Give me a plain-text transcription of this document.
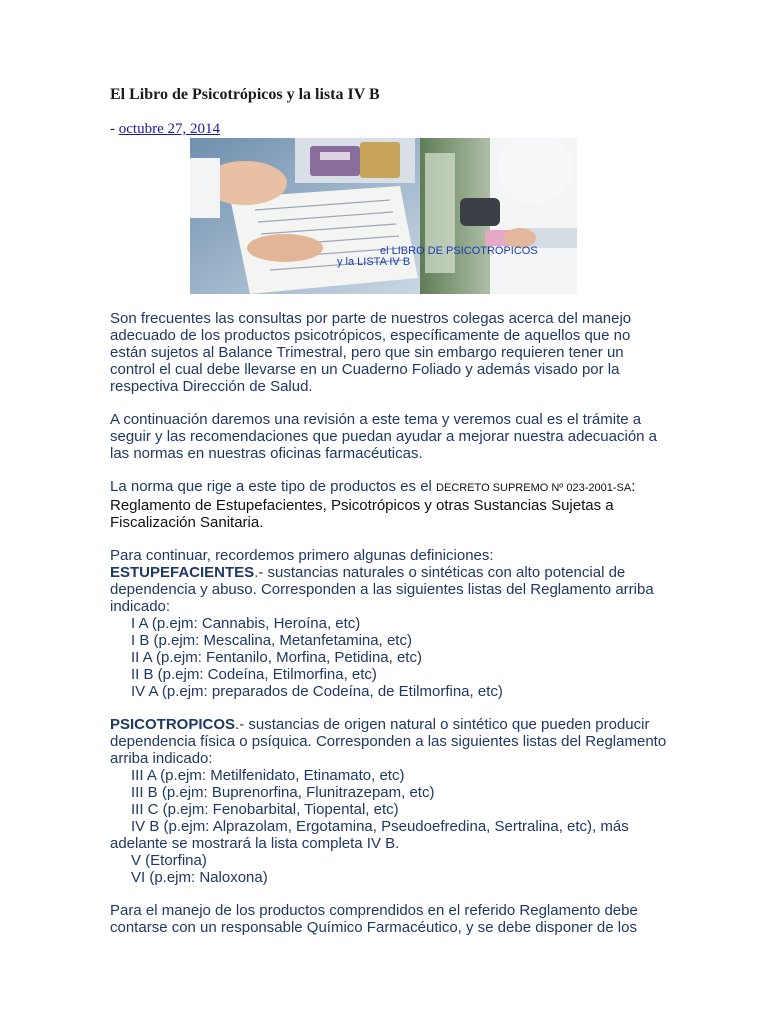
El Libro de Psicotrópicos y la lista IV B
- octubre 27, 2014
el LIBRO DE PSICOTROPICOS
y la LISTA IV B

Son frecuentes las consultas por parte de nuestros colegas acerca del manejo adecuado de los productos psicotrópicos, específicamente de aquellos que no están sujetos al Balance Trimestral, pero que sin embargo requieren tener un control el cual debe llevarse en un Cuaderno Foliado y además visado por la respectiva Dirección de Salud.

A continuación daremos una revisión a este tema y veremos cual es el trámite a seguir y las recomendaciones que puedan ayudar a mejorar nuestra adecuación a las normas en nuestras oficinas farmacéuticas.

La norma que rige a este tipo de productos es el DECRETO SUPREMO Nº 023-2001-SA: Reglamento de Estupefacientes, Psicotrópicos y otras Sustancias Sujetas a Fiscalización Sanitaria.

Para continuar, recordemos primero algunas definiciones:
ESTUPEFACIENTES.- sustancias naturales o sintéticas con alto potencial de dependencia y abuso. Corresponden a las siguientes listas del Reglamento arriba indicado:
I A (p.ejm: Cannabis, Heroína, etc)
I B (p.ejm: Mescalina, Metanfetamina, etc)
II A (p.ejm: Fentanilo, Morfina, Petidina, etc)
II B (p.ejm: Codeína, Etilmorfina, etc)
IV A (p.ejm: preparados de Codeína, de Etilmorfina, etc)

PSICOTROPICOS.- sustancias de origen natural o sintético que pueden producir dependencia física o psíquica. Corresponden a las siguientes listas del Reglamento arriba indicado:
III A (p.ejm: Metilfenidato, Etinamato, etc)
III B (p.ejm: Buprenorfina, Flunitrazepam, etc)
III C (p.ejm: Fenobarbital, Tiopental, etc)
IV B (p.ejm: Alprazolam, Ergotamina, Pseudoefredina, Sertralina, etc), más adelante se mostrará la lista completa IV B.
V (Etorfina)
VI (p.ejm: Naloxona)

Para el manejo de los productos comprendidos en el referido Reglamento debe contarse con un responsable Químico Farmacéutico, y se debe disponer de los
